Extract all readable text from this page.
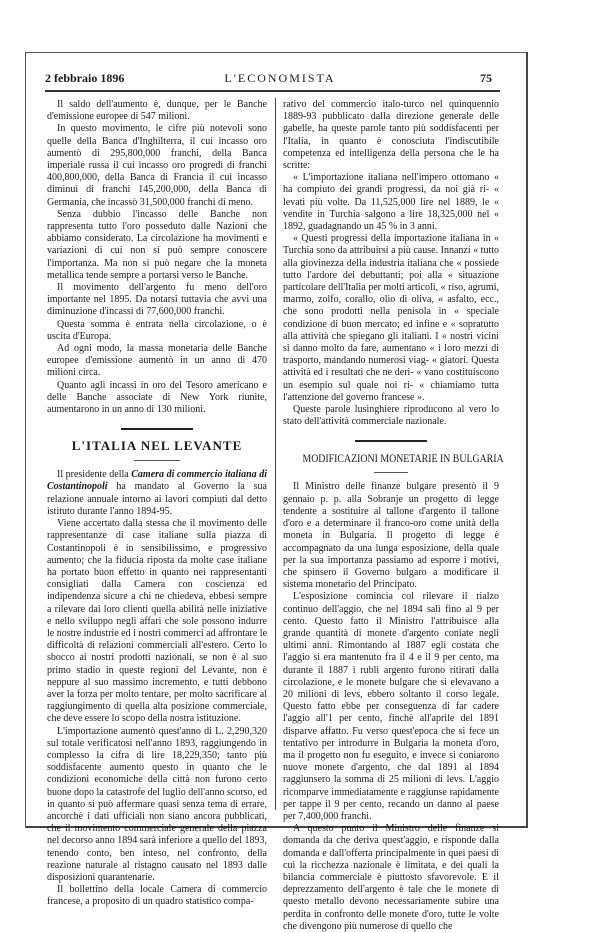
2 febbraio 1896	L'ECONOMISTA	75

Il saldo dell'aumento è, dunque, per le Banche d'emissione europee di 547 milioni.

In questo movimento, le cifre più notevoli sono quelle della Banca d'Inghilterra, il cui incasso oro aumentò di 295,800,000 franchi, della Banca imperiale russa il cui incasso oro progredì di franchi 400,800,000, della Banca di Francia il cui incasso diminuì di franchi 145,200,000, della Banca di Germania, che incassò 31,500,000 franchi di meno.

Senza dubbio l'incasso delle Banche non rappresenta tutto l'oro posseduto dalle Nazioni che abbiamo considerato. La circolazione ha movimenti e variazioni di cui non si può sempre conoscere l'importanza. Ma non si può negare che la moneta metallica tende sempre a portarsi verso le Banche.

Il movimento dell'argento fu meno dell'oro importante nel 1895. Da notarsi tuttavia che avvi una diminuzione d'incassi di 77,600,000 franchi.

Questa somma è entrata nella circolazione, o è uscita d'Europa.

Ad ogni modo, la massa monetaria delle Banche europee d'emissione aumentò in un anno di 470 milioni circa.

Quanto agli incassi in oro del Tesoro americano e delle Banche associate di New York riunite, aumentarono in un anno di 130 milioni.

L'ITALIA NEL LEVANTE

Il presidente della Camera di commercio italiana di Costantinopoli ha mandato al Governo la sua relazione annuale intorno ai lavori compiuti dal detto istituto durante l'anno 1894-95.

Viene accertato dalla stessa che il movimento delle rappresentanze di case italiane sulla piazza di Costantinopoli è in sensibilissimo, e progressivo aumento; che la fiducia riposta da molte case italiane ha portato buon effetto in quanto nei rappresentanti consigliati dalla Camera con coscienza ed indipendenza sicure a chi ne chiedeva, ebbesi sempre a rilevare dai loro clienti quella abilità nelle iniziative e nello sviluppo negli affari che sole possono indurre le nostre industrie ed i nostri commerci ad affrontare le difficoltà di relazioni commerciali all'estero. Certo lo sbocco ai nostri prodotti nazionali, se non è al suo primo stadio in queste regioni del Levante, non è neppure al suo massimo incremento, e tutti debbono aver la forza per molto tentare, per molto sacrificare al raggiungimento di quella alta posizione commerciale, che deve essere lo scopo della nostra istituzione.

L'importazione aumentò quest'anno di L. 2,290,320 sul totale verificatosi nell'anno 1893, raggiungendo in complesso la cifra di lire 18,229,350; tanto più soddisfacente aumento questo in quanto che le condizioni economiche della città non furono certo buone dopo la catastrofe del luglio dell'anno scorso, ed in quanto si può affermare quasi senza tema di errare, ancorchè i dati ufficiali non siano ancora pubblicati, che il movimento commerciale generale della piazza nel decorso anno 1894 sarà inferiore a quello del 1893, tenendo conto, ben inteso, nel confronto, della reazione naturale al ristagno causato nel 1893 dalle disposizioni quarantenarie.

Il bollettino della locale Camera di commercio francese, a proposito di un quadro statistico compa-

rativo del commercio italo-turco nel quinquennio 1889-93 pubblicato dalla direzione generale delle gabelle, ha queste parole tanto più soddisfacenti per l'Italia, in quanto è conosciuta l'indiscutibile competenza ed intelligenza della persona che le ha scritte:

« L'importazione italiana nell'impero ottomano « ha compiuto dei grandi progressi, da noi già ri- « levati più volte. Da 11,525,000 lire nel 1889, le « vendite in Turchia salgono a lire 18,325,000 nel « 1892, guadagnando un 45 % in 3 anni.

« Questi progressi della importazione italiana in « Turchia sono da attribuirsi a più cause. Innanzi « tutto alla giovinezza della industria italiana che « possiede tutto l'ardore dei debuttanti; poi alla « situazione particolare dell'Italia per molti articoli, « riso, agrumi, marmo, zolfo, corallo, olio di oliva, « asfalto, ecc., che sono prodotti nella penisola in « speciale condizione di buon mercato; ed infine e « sopratutto alla attività che spiegano gli italiani. I « nostri vicini si danno molto da fare, aumentano « i loro mezzi di trasporto, mandando numerosi viag- « giatori. Questa attività ed i resultati che ne deri- « vano costituiscono un esempio sul quale noi ri- « chiamiamo tutta l'attenzione del governo francese ».

Queste parole lusinghiere riproducono al vero lo stato dell'attività commerciale nazionale.

MODIFICAZIONI MONETARIE IN BULGARIA

Il Ministro delle finanze bulgare presentò il 9 gennaio p. p. alla Sobranje un progetto di legge tendente a sostituire al tallone d'argento il tallone d'oro e a determinare il franco-oro come unità della moneta in Bulgaria. Il progetto di legge è accompagnato da una lunga esposizione, della quale per la sua importanza passiamo ad esporre i motivi, che spinsero il Governo bulgaro a modificare il sistema monetario del Principato.

L'esposizione comincia col rilevare il rialzo continuo dell'aggio, che nel 1894 salì fino al 9 per cento. Questo fatto il Ministro l'attribuisce alla grande quantità di monete d'argento coniate negli ultimi anni. Rimontando al 1887 egli costata che l'aggio si era mantenuto fra il 4 e il 9 per cento, ma durante il 1887 i rubli argento furono ritirati dalla circolazione, e le monete bulgare che si elevavano a 20 milioni di levs, ebbero soltanto il corso legale. Questo fatto ebbe per conseguenza di far cadere l'aggio all'1 per cento, finchè all'aprile del 1891 disparve affatto. Fu verso quest'epoca che si fece un tentativo per introdurre in Bulgaria la moneta d'oro, ma il progetto non fu eseguito, e invece si coniarono nuove monete d'argento, che dal 1891 al 1894 raggiunsero la somma di 25 milioni di levs. L'aggio ricomparve immediatamente e raggiunse rapidamente per tappe il 9 per cento, recando un danno al paese per 7,400,000 franchi.

A questo punto il Ministro delle finanze si domanda da che deriva quest'aggio, e risponde dalla domanda e dall'offerta principalmente in quei paesi di cui la ricchezza nazionale è limitata, e dei quali la bilancia commerciale è piuttosto sfavorevole. E il deprezzamento dell'argento è tale che le monete di questo metallo devono necessariamente subire una perdita in confronto delle monete d'oro, tutte le volte che divengono più numerose di quello che
